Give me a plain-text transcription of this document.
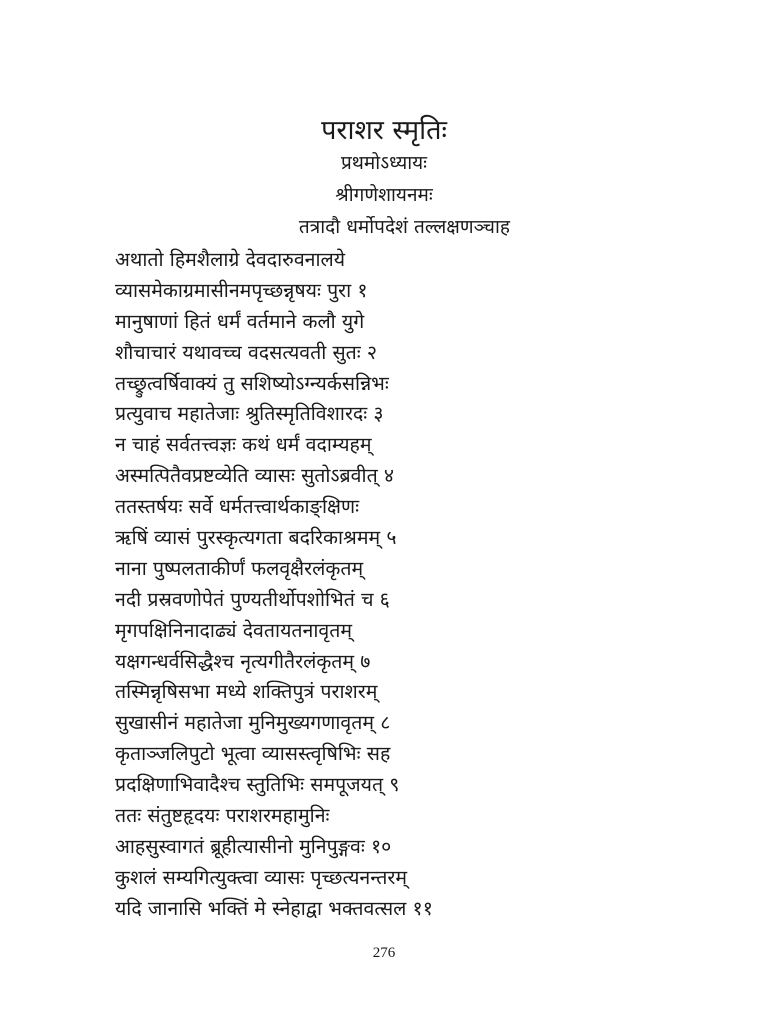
पराशर स्मृतिः
प्रथमोऽध्यायः
श्रीगणेशायनमः
तत्रादौ धर्मोपदेशं तल्लक्षणञ्चाह
अथातो हिमशैलाग्रे देवदारुवनालये
व्यासमेकाग्रमासीनमपृच्छन्नृषयः पुरा १
मानुषाणां हितं धर्मं वर्तमाने कलौ युगे
शौचाचारं यथावच्च वदसत्यवती सुतः २
तच्छ्रुत्वर्षिवाक्यं तु सशिष्योऽग्न्यर्कसन्निभः
प्रत्युवाच महातेजाः श्रुतिस्मृतिविशारदः ३
न चाहं सर्वतत्त्वज्ञः कथं धर्मं वदाम्यहम्
अस्मत्पितैवप्रष्टव्येति व्यासः सुतोऽब्रवीत् ४
ततस्तर्षयः सर्वे धर्मतत्त्वार्थकाङ्क्षिणः
ऋषिं व्यासं पुरस्कृत्यगता बदरिकाश्रमम् ५
नाना पुष्पलताकीर्णं फलवृक्षैरलंकृतम्
नदी प्रस्रवणोपेतं पुण्यतीर्थोपशोभितं च ६
मृगपक्षिनिनादाढ्यं देवतायतनावृतम्
यक्षगन्धर्वसिद्धैश्च नृत्यगीतैरलंकृतम् ७
तस्मिन्नृषिसभा मध्ये शक्तिपुत्रं पराशरम्
सुखासीनं महातेजा मुनिमुख्यगणावृतम् ८
कृताञ्जलिपुटो भूत्वा व्यासस्त्वृषिभिः सह
प्रदक्षिणाभिवादैश्च स्तुतिभिः समपूजयत् ९
ततः संतुष्टहृदयः पराशरमहामुनिः
आहसुस्वागतं ब्रूहीत्यासीनो मुनिपुङ्गवः १०
कुशलं सम्यगित्युक्त्वा व्यासः पृच्छत्यनन्तरम्
यदि जानासि भक्तिं मे स्नेहाद्वा भक्तवत्सल ११
276
